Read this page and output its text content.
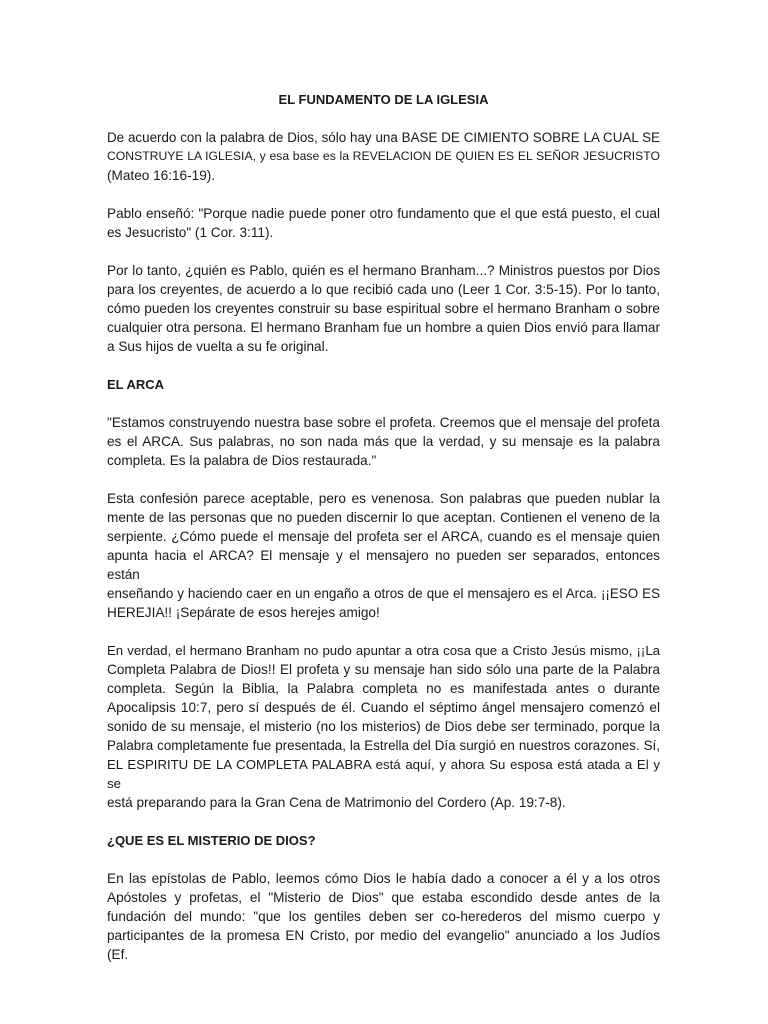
EL FUNDAMENTO DE LA IGLESIA

De acuerdo con la palabra de Dios, sólo hay una BASE DE CIMIENTO SOBRE LA CUAL SE
CONSTRUYE LA IGLESIA, y esa base es la REVELACION DE QUIEN ES EL SEÑOR JESUCRISTO
(Mateo 16:16-19).

Pablo enseñó: "Porque nadie puede poner otro fundamento que el que está puesto, el cual
es Jesucristo" (1 Cor. 3:11).

Por lo tanto, ¿quién es Pablo, quién es el hermano Branham...? Ministros puestos por Dios
para los creyentes, de acuerdo a lo que recibió cada uno (Leer 1 Cor. 3:5-15). Por lo tanto,
cómo pueden los creyentes construir su base espiritual sobre el hermano Branham o sobre
cualquier otra persona. El hermano Branham fue un hombre a quien Dios envió para llamar
a Sus hijos de vuelta a su fe original.

EL ARCA

"Estamos construyendo nuestra base sobre el profeta. Creemos que el mensaje del profeta
es el ARCA. Sus palabras, no son nada más que la verdad, y su mensaje es la palabra
completa. Es la palabra de Dios restaurada."

Esta confesión parece aceptable, pero es venenosa. Son palabras que pueden nublar la
mente de las personas que no pueden discernir lo que aceptan. Contienen el veneno de la
serpiente. ¿Cómo puede el mensaje del profeta ser el ARCA, cuando es el mensaje quien
apunta hacia el ARCA? El mensaje y el mensajero no pueden ser separados, entonces están
enseñando y haciendo caer en un engaño a otros de que el mensajero es el Arca. ¡¡ESO ES
HEREJIA!! ¡Sepárate de esos herejes amigo!

En verdad, el hermano Branham no pudo apuntar a otra cosa que a Cristo Jesús mismo, ¡¡La
Completa Palabra de Dios!! El profeta y su mensaje han sido sólo una parte de la Palabra
completa. Según la Biblia, la Palabra completa no es manifestada antes o durante
Apocalipsis 10:7, pero sí después de él. Cuando el séptimo ángel mensajero comenzó el
sonido de su mensaje, el misterio (no los misterios) de Dios debe ser terminado, porque la
Palabra completamente fue presentada, la Estrella del Día surgió en nuestros corazones. Sí,
EL ESPIRITU DE LA COMPLETA PALABRA está aquí, y ahora Su esposa está atada a El y se
está preparando para la Gran Cena de Matrimonio del Cordero (Ap. 19:7-8).

¿QUE ES EL MISTERIO DE DIOS?

En las epístolas de Pablo, leemos cómo Dios le había dado a conocer a él y a los otros
Apóstoles y profetas, el "Misterio de Dios" que estaba escondido desde antes de la
fundación del mundo: "que los gentiles deben ser co-herederos del mismo cuerpo y
participantes de la promesa EN Cristo, por medio del evangelio" anunciado a los Judíos (Ef.
